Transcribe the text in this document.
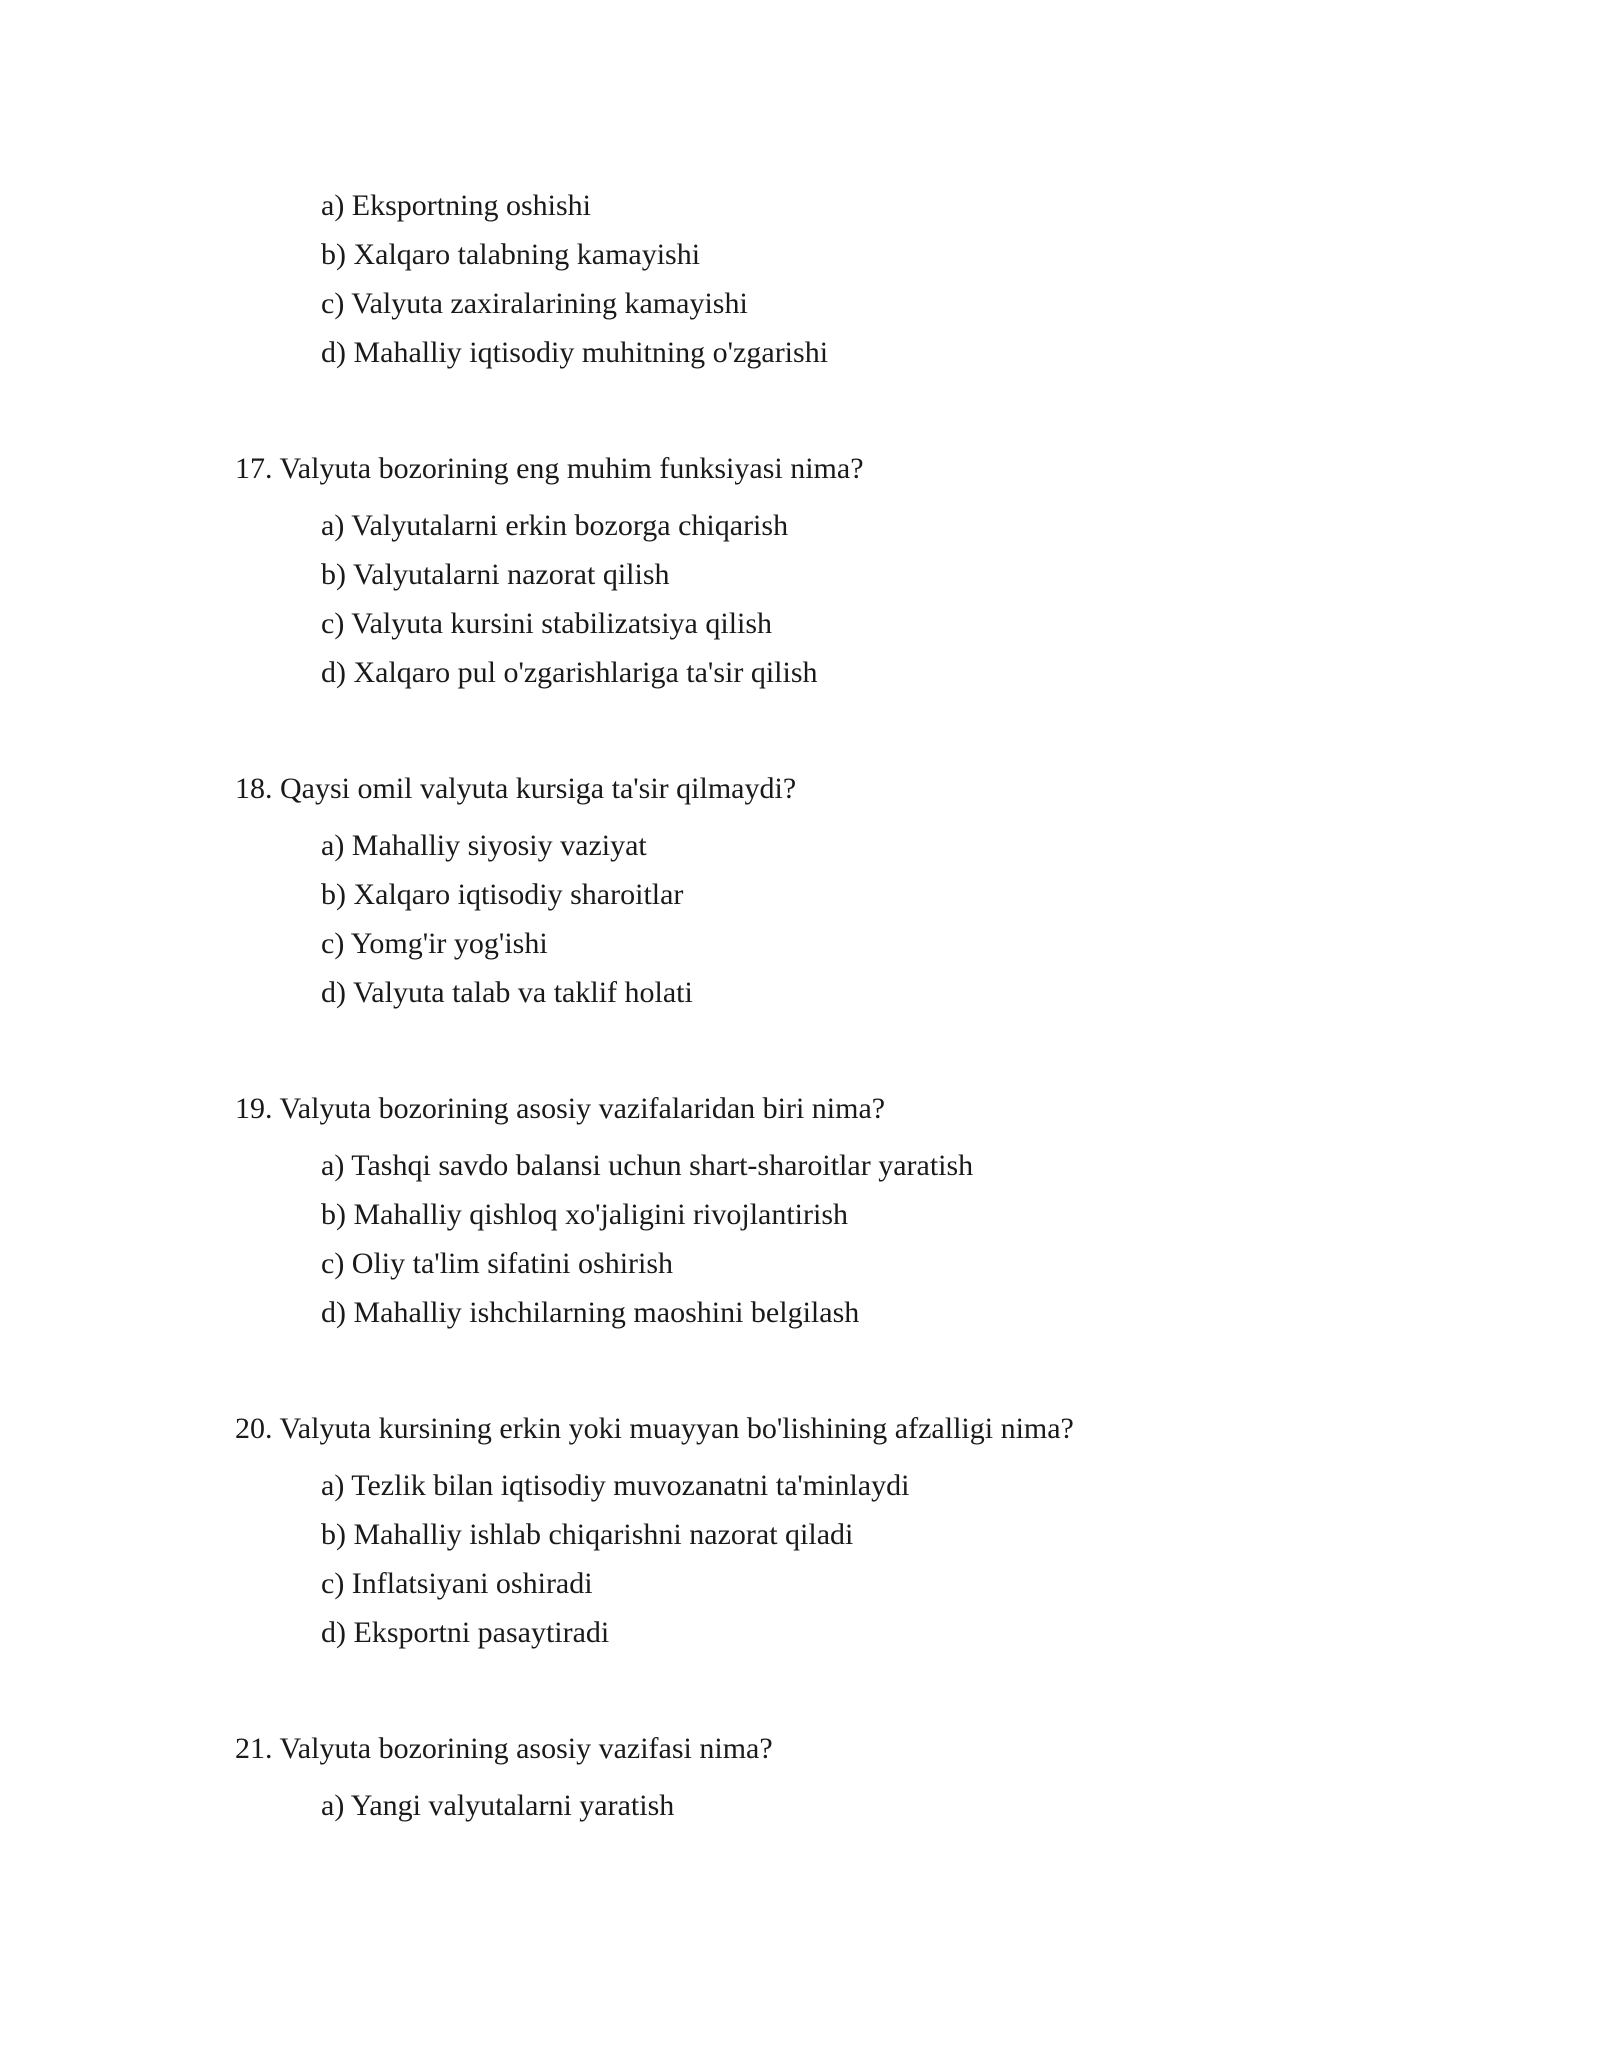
a) Eksportning oshishi
b) Xalqaro talabning kamayishi
c) Valyuta zaxiralarining kamayishi
d) Mahalliy iqtisodiy muhitning o'zgarishi
17. Valyuta bozorining eng muhim funksiyasi nima?
a) Valyutalarni erkin bozorga chiqarish
b) Valyutalarni nazorat qilish
c) Valyuta kursini stabilizatsiya qilish
d) Xalqaro pul o'zgarishlariga ta'sir qilish
18. Qaysi omil valyuta kursiga ta'sir qilmaydi?
a) Mahalliy siyosiy vaziyat
b) Xalqaro iqtisodiy sharoitlar
c) Yomg'ir yog'ishi
d) Valyuta talab va taklif holati
19. Valyuta bozorining asosiy vazifalaridan biri nima?
a) Tashqi savdo balansi uchun shart-sharoitlar yaratish
b) Mahalliy qishloq xo'jaligini rivojlantirish
c) Oliy ta'lim sifatini oshirish
d) Mahalliy ishchilarning maoshini belgilash
20. Valyuta kursining erkin yoki muayyan bo'lishining afzalligi nima?
a) Tezlik bilan iqtisodiy muvozanatni ta'minlaydi
b) Mahalliy ishlab chiqarishni nazorat qiladi
c) Inflatsiyani oshiradi
d) Eksportni pasaytiradi
21. Valyuta bozorining asosiy vazifasi nima?
a) Yangi valyutalarni yaratish
